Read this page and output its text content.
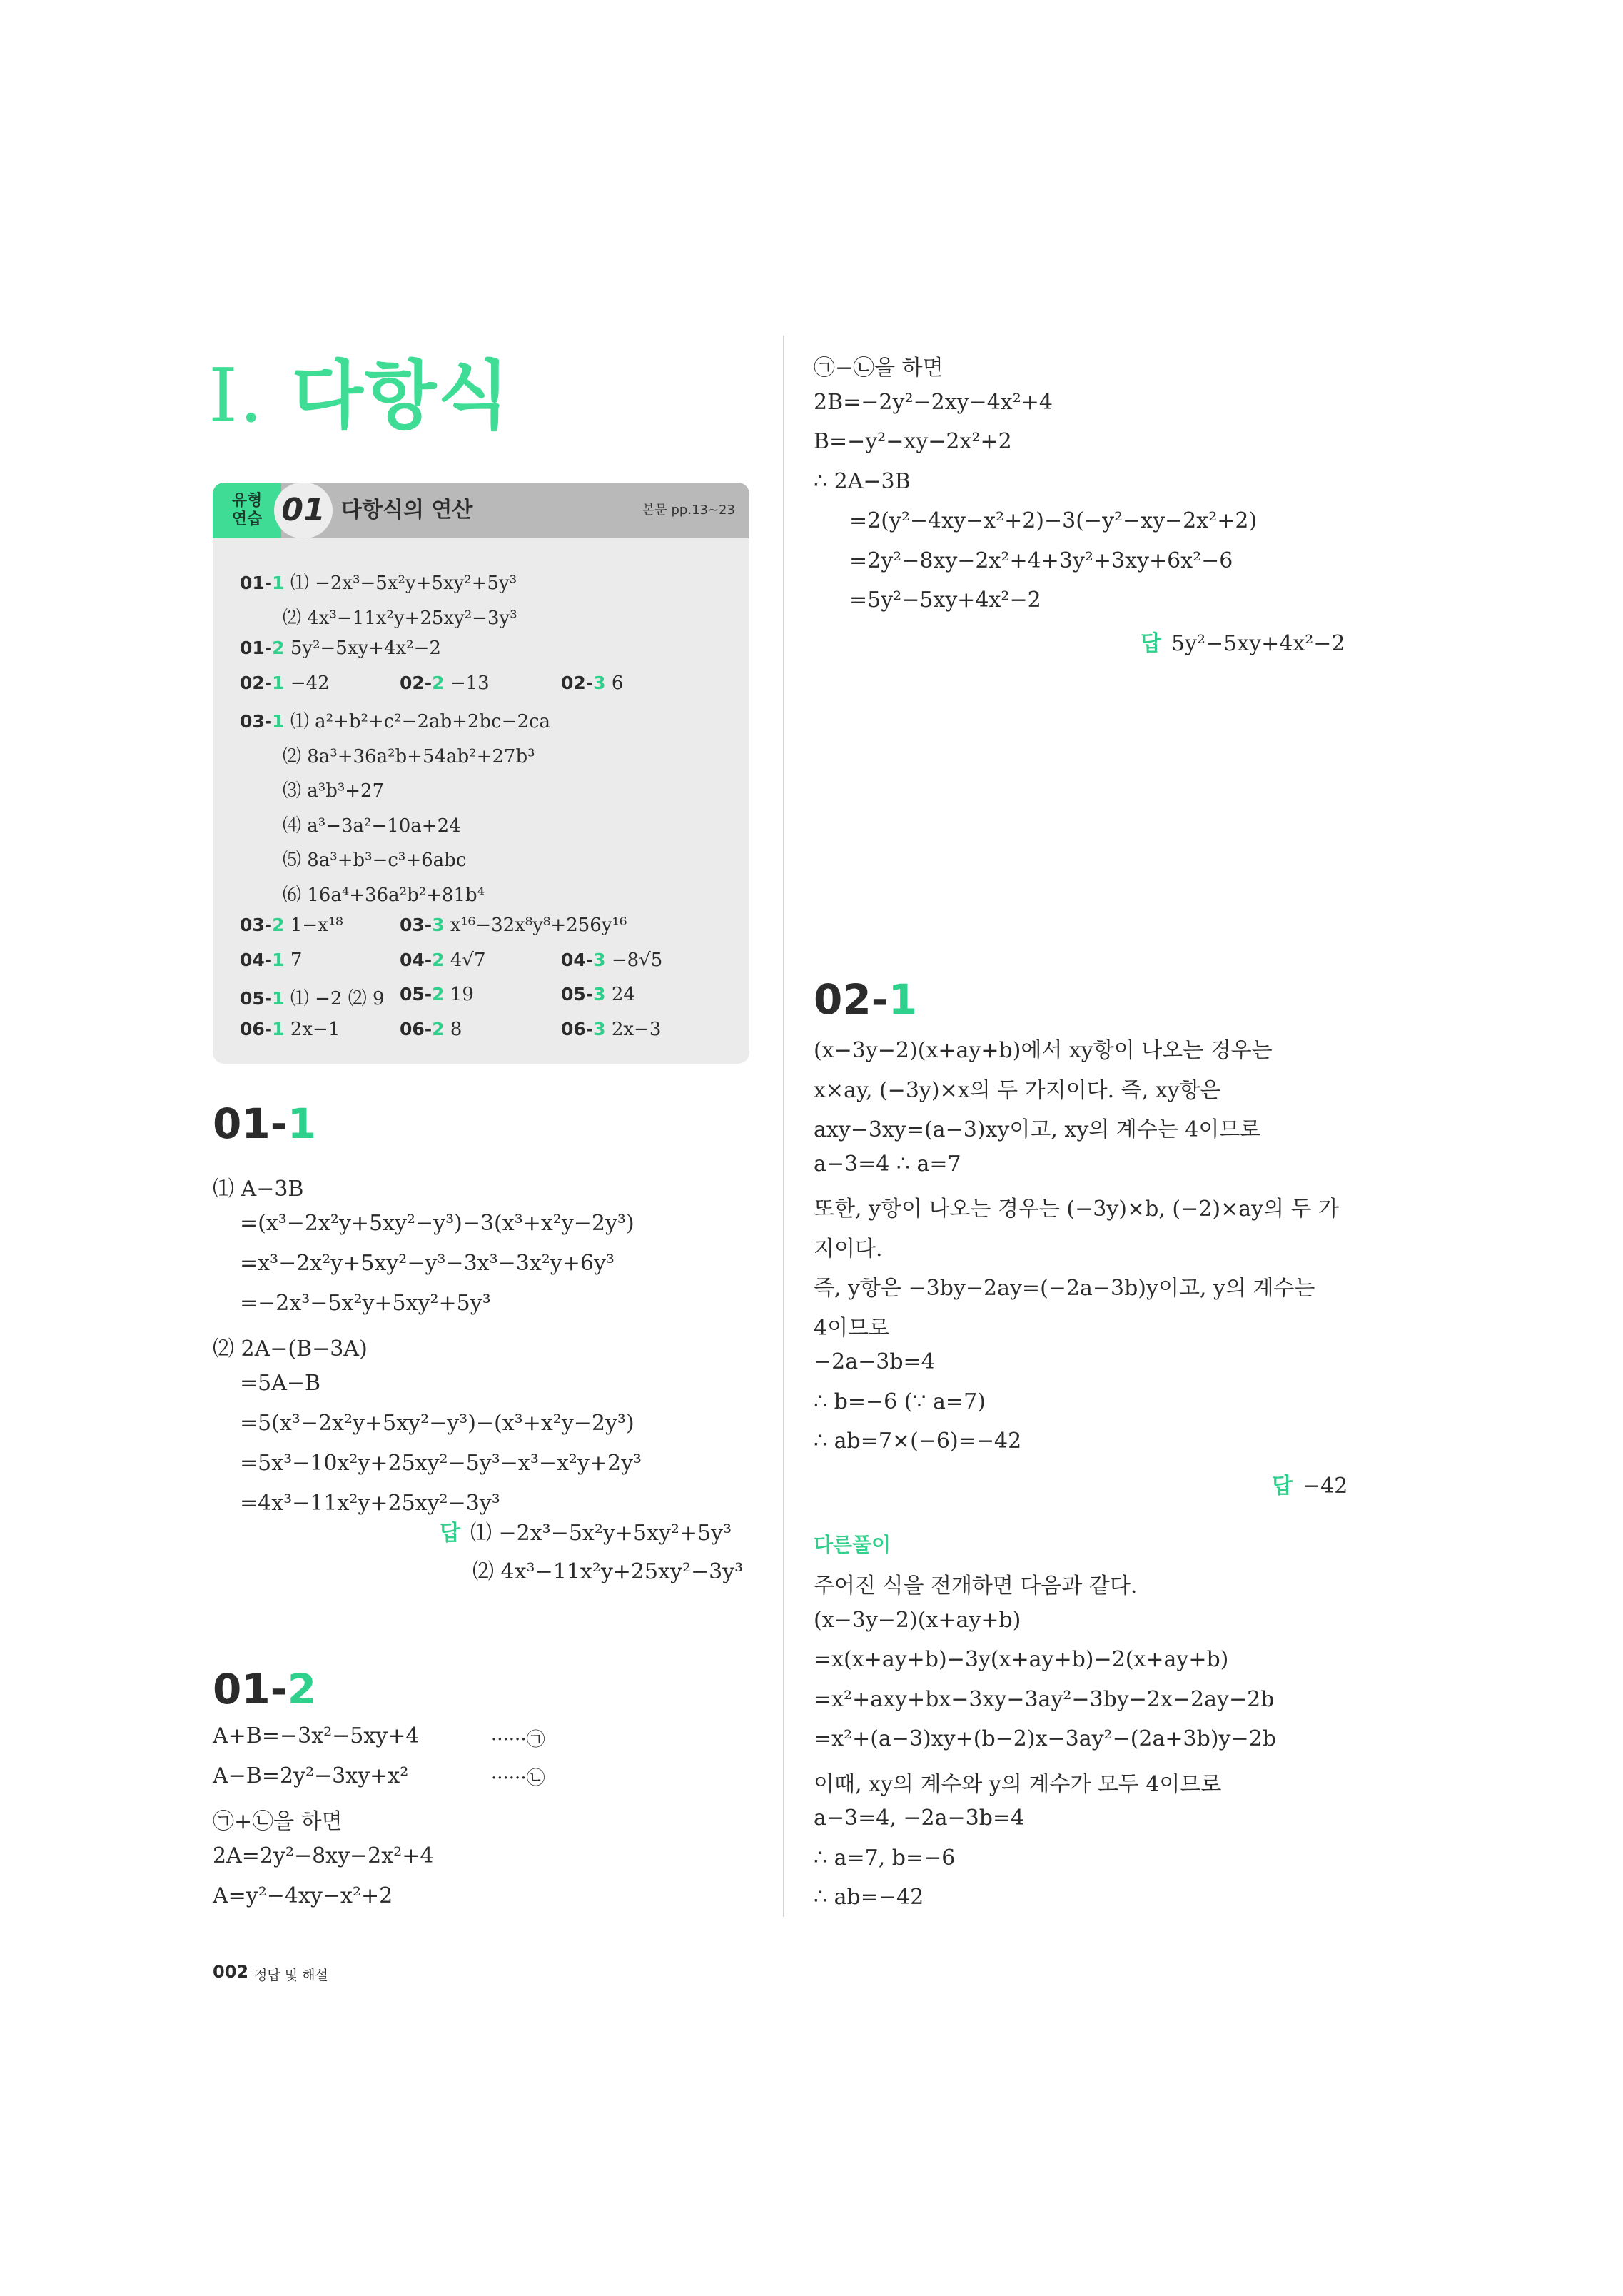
Ⅰ. 다항식
유형
연습 01 다항식의 연산	본문 pp.13~23
01-1 ⑴ −2x³−5x²y+5xy²+5y³
⑵ 4x³−11x²y+25xy²−3y³
01-2 5y²−5xy+4x²−2
02-1 −42	02-2 −13	02-3 6
03-1 ⑴ a²+b²+c²−2ab+2bc−2ca
⑵ 8a³+36a²b+54ab²+27b³
⑶ a³b³+27
⑷ a³−3a²−10a+24
⑸ 8a³+b³−c³+6abc
⑹ 16a⁴+36a²b²+81b⁴
03-2 1−x¹⁸	03-3 x¹⁶−32x⁸y⁸+256y¹⁶
04-1 7	04-2 4√7	04-3 −8√5
05-1 ⑴ −2 ⑵ 9 05-2 19	05-3 24
06-1 2x−1	06-2 8	06-3 2x−3
01-1
⑴ A−3B
=(x³−2x²y+5xy²−y³)−3(x³+x²y−2y³)
=x³−2x²y+5xy²−y³−3x³−3x²y+6y³
=−2x³−5x²y+5xy²+5y³
⑵ 2A−(B−3A)
=5A−B
=5(x³−2x²y+5xy²−y³)−(x³+x²y−2y³)
=5x³−10x²y+25xy²−5y³−x³−x²y+2y³
=4x³−11x²y+25xy²−3y³
답 ⑴ −2x³−5x²y+5xy²+5y³
⑵ 4x³−11x²y+25xy²−3y³
01-2
A+B=−3x²−5xy+4
A−B=2y²−3xy+x²
㉠+㉡을 하면
2A=2y²−8xy−2x²+4
A=y²−4xy−x²+2
······㉠
······㉡
㉠−㉡을 하면
2B=−2y²−2xy−4x²+4
B=−y²−xy−2x²+2
∴ 2A−3B
=2(y²−4xy−x²+2)−3(−y²−xy−2x²+2)
=2y²−8xy−2x²+4+3y²+3xy+6x²−6
=5y²−5xy+4x²−2
답 5y²−5xy+4x²−2
02-1
(x−3y−2)(x+ay+b)에서 xy항이 나오는 경우는
x×ay, (−3y)×x의 두 가지이다. 즉, xy항은
axy−3xy=(a−3)xy이고, xy의 계수는 4이므로
a−3=4 ∴ a=7
또한, y항이 나오는 경우는 (−3y)×b, (−2)×ay의 두 가
지이다.
즉, y항은 −3by−2ay=(−2a−3b)y이고, y의 계수는
4이므로
−2a−3b=4
∴ b=−6 (∵ a=7)
∴ ab=7×(−6)=−42
답 −42
다른풀이
주어진 식을 전개하면 다음과 같다.
(x−3y−2)(x+ay+b)
=x(x+ay+b)−3y(x+ay+b)−2(x+ay+b)
=x²+axy+bx−3xy−3ay²−3by−2x−2ay−2b
=x²+(a−3)xy+(b−2)x−3ay²−(2a+3b)y−2b
이때, xy의 계수와 y의 계수가 모두 4이므로
a−3=4, −2a−3b=4
∴ a=7, b=−6
∴ ab=−42
002 정답 및 해설
